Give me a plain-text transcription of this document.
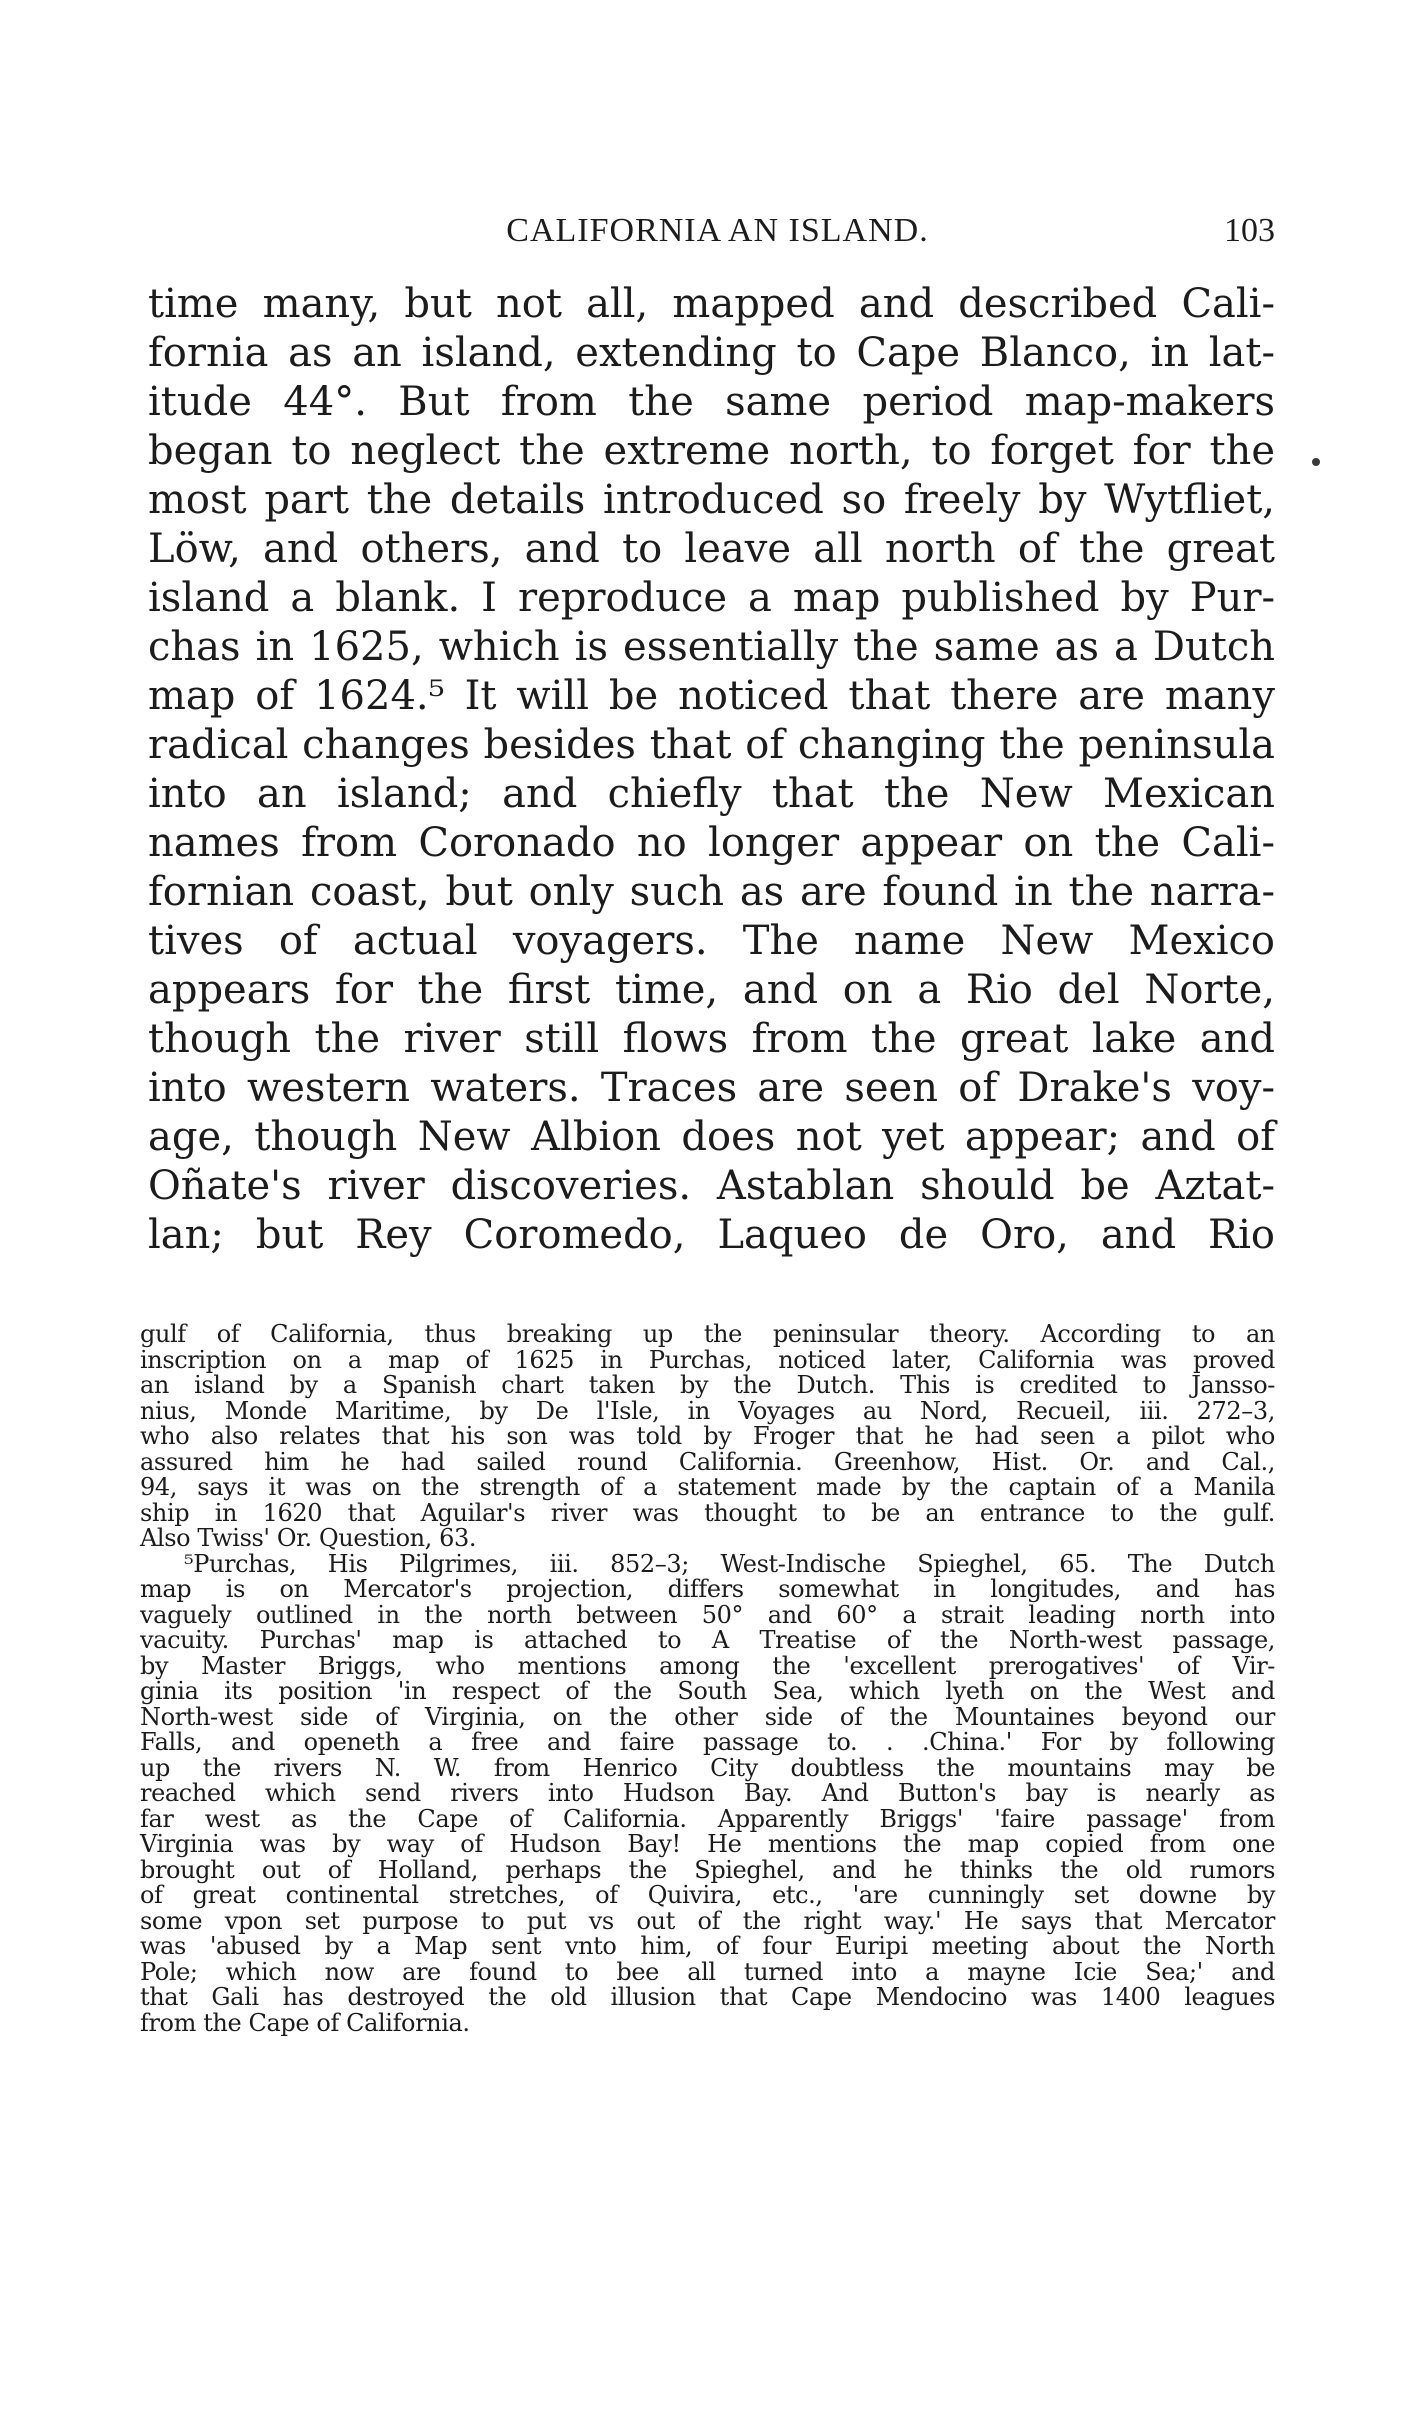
CALIFORNIA AN ISLAND.	103
time many, but not all, mapped and described Cali-
fornia as an island, extending to Cape Blanco, in lat-
itude 44°. But from the same period map-makers
began to neglect the extreme north, to forget for the
most part the details introduced so freely by Wytfliet,
Löw, and others, and to leave all north of the great
island a blank. I reproduce a map published by Pur-
chas in 1625, which is essentially the same as a Dutch
map of 1624.⁵ It will be noticed that there are many
radical changes besides that of changing the peninsula
into an island; and chiefly that the New Mexican
names from Coronado no longer appear on the Cali-
fornian coast, but only such as are found in the narra-
tives of actual voyagers. The name New Mexico
appears for the first time, and on a Rio del Norte,
though the river still flows from the great lake and
into western waters. Traces are seen of Drake's voy-
age, though New Albion does not yet appear; and of
Oñate's river discoveries. Astablan should be Aztat-
lan; but Rey Coromedo, Laqueo de Oro, and Rio
gulf of California, thus breaking up the peninsular theory. According to an
inscription on a map of 1625 in Purchas, noticed later, California was proved
an island by a Spanish chart taken by the Dutch. This is credited to Jansso-
nius, Monde Maritime, by De l'Isle, in Voyages au Nord, Recueil, iii. 272–3,
who also relates that his son was told by Froger that he had seen a pilot who
assured him he had sailed round California. Greenhow, Hist. Or. and Cal.,
94, says it was on the strength of a statement made by the captain of a Manila
ship in 1620 that Aguilar's river was thought to be an entrance to the gulf.
Also Twiss' Or. Question, 63.
⁵Purchas, His Pilgrimes, iii. 852–3; West-Indische Spieghel, 65. The Dutch
map is on Mercator's projection, differs somewhat in longitudes, and has
vaguely outlined in the north between 50° and 60° a strait leading north into
vacuity. Purchas' map is attached to A Treatise of the North-west passage,
by Master Briggs, who mentions among the 'excellent prerogatives' of Vir-
ginia its position 'in respect of the South Sea, which lyeth on the West and
North-west side of Virginia, on the other side of the Mountaines beyond our
Falls, and openeth a free and faire passage to. . .China.' For by following
up the rivers N. W. from Henrico City doubtless the mountains may be
reached which send rivers into Hudson Bay. And Button's bay is nearly as
far west as the Cape of California. Apparently Briggs' 'faire passage' from
Virginia was by way of Hudson Bay! He mentions the map copied from one
brought out of Holland, perhaps the Spieghel, and he thinks the old rumors
of great continental stretches, of Quivira, etc., 'are cunningly set downe by
some vpon set purpose to put vs out of the right way.' He says that Mercator
was 'abused by a Map sent vnto him, of four Euripi meeting about the North
Pole; which now are found to bee all turned into a mayne Icie Sea;' and
that Gali has destroyed the old illusion that Cape Mendocino was 1400 leagues
from the Cape of California.
